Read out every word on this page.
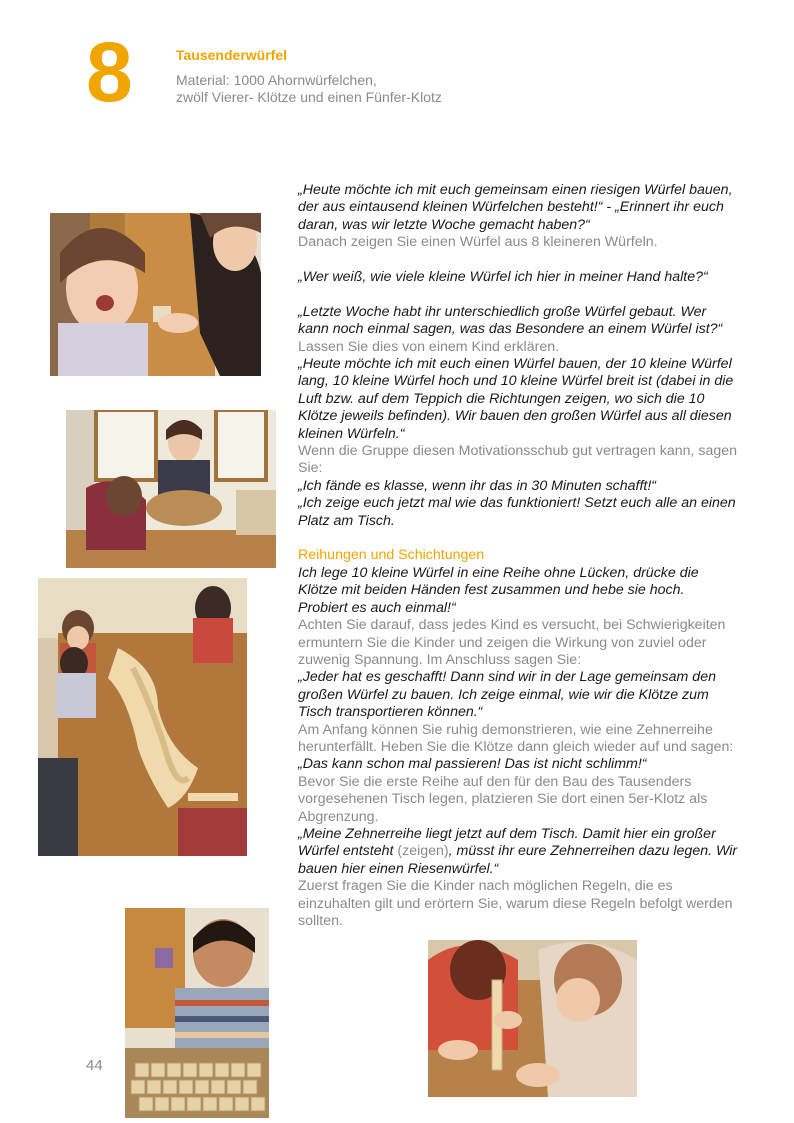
8	Tausenderwürfel
Material: 1000 Ahornwürfelchen,
zwölf Vierer- Klötze und einen Fünfer-Klotz

„Heute möchte ich mit euch gemeinsam einen riesigen Würfel bauen, der aus eintausend kleinen Würfelchen besteht!“ - „Erinnert ihr euch daran, was wir letzte Woche gemacht haben?“
Danach zeigen Sie einen Würfel aus 8 kleineren Würfeln.

„Wer weiß, wie viele kleine Würfel ich hier in meiner Hand halte?“

„Letzte Woche habt ihr unterschiedlich große Würfel gebaut. Wer kann noch einmal sagen, was das Besondere an einem Würfel ist?“ Lassen Sie dies von einem Kind erklären.

„Heute möchte ich mit euch einen Würfel bauen, der 10 kleine Würfel lang, 10 kleine Würfel hoch und 10 kleine Würfel breit ist (dabei in die Luft bzw. auf dem Teppich die Richtungen zeigen, wo sich die 10 Klötze jeweils befinden). Wir bauen den großen Würfel aus all diesen kleinen Würfeln.“

Wenn die Gruppe diesen Motivationsschub gut vertragen kann, sagen Sie:

„Ich fände es klasse, wenn ihr das in 30 Minuten schafft!“

„Ich zeige euch jetzt mal wie das funktioniert! Setzt euch alle an einen Platz am Tisch.

Reihungen und Schichtungen

Ich lege 10 kleine Würfel in eine Reihe ohne Lücken, drücke die Klötze mit beiden Händen fest zusammen und hebe sie hoch. Probiert es auch einmal!“

Achten Sie darauf, dass jedes Kind es versucht, bei Schwierigkeiten ermuntern Sie die Kinder und zeigen die Wirkung von zuviel oder zuwenig Spannung. Im Anschluss sagen Sie:

„Jeder hat es geschafft! Dann sind wir in der Lage gemeinsam den großen Würfel zu bauen. Ich zeige einmal, wie wir die Klötze zum Tisch transportieren können.“

Am Anfang können Sie ruhig demonstrieren, wie eine Zehnerreihe herunterfällt. Heben Sie die Klötze dann gleich wieder auf und sagen: „Das kann schon mal passieren! Das ist nicht schlimm!“

Bevor Sie die erste Reihe auf den für den Bau des Tausenders vorgesehenen Tisch legen, platzieren Sie dort einen 5er-Klotz als Abgrenzung.

„Meine Zehnerreihe liegt jetzt auf dem Tisch. Damit hier ein großer Würfel entsteht (zeigen), müsst ihr eure Zehnerreihen dazu legen. Wir bauen hier einen Riesenwürfel.“

Zuerst fragen Sie die Kinder nach möglichen Regeln, die es einzuhalten gilt und erörtern Sie, warum diese Regeln befolgt werden sollten.

44
